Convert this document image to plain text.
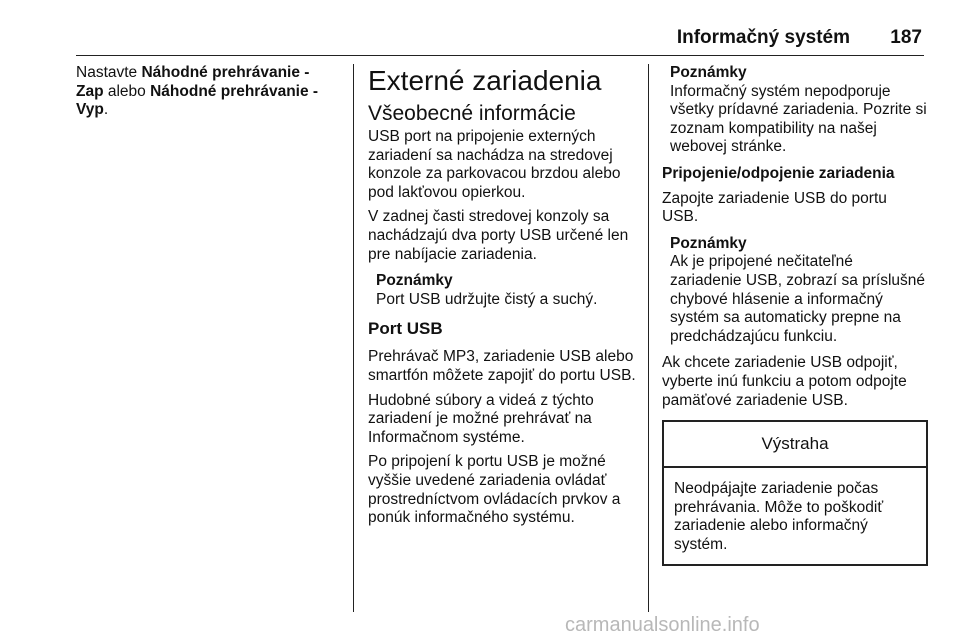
Informačný systém	187

Nastavte Náhodné prehrávanie - Zap alebo Náhodné prehrávanie - Vyp.

Externé zariadenia
Všeobecné informácie

USB port na pripojenie externých zariadení sa nachádza na stredovej konzole za parkovacou brzdou alebo pod lakťovou opierkou.

V zadnej časti stredovej konzoly sa nachádzajú dva porty USB určené len pre nabíjacie zariadenia.

Poznámky
Port USB udržujte čistý a suchý.
Port USB

Prehrávač MP3, zariadenie USB alebo smartfón môžete zapojiť do portu USB.

Hudobné súbory a videá z týchto zariadení je možné prehrávať na Informačnom systéme.

Po pripojení k portu USB je možné vyššie uvedené zariadenia ovládať prostredníctvom ovládacích prvkov a ponúk informačného systému.

Poznámky
Informačný systém nepodporuje všetky prídavné zariadenia. Pozrite si zoznam kompatibility na našej webovej stránke.

Pripojenie/odpojenie zariadenia

Zapojte zariadenie USB do portu USB.

Poznámky
Ak je pripojené nečitateľné zariadenie USB, zobrazí sa príslušné chybové hlásenie a informačný systém sa automaticky prepne na predchádzajúcu funkciu.

Ak chcete zariadenie USB odpojiť, vyberte inú funkciu a potom odpojte pamäťové zariadenie USB.

Výstraha
Neodpájajte zariadenie počas prehrávania. Môže to poškodiť zariadenie alebo informačný systém.
carmanualsonline.info
